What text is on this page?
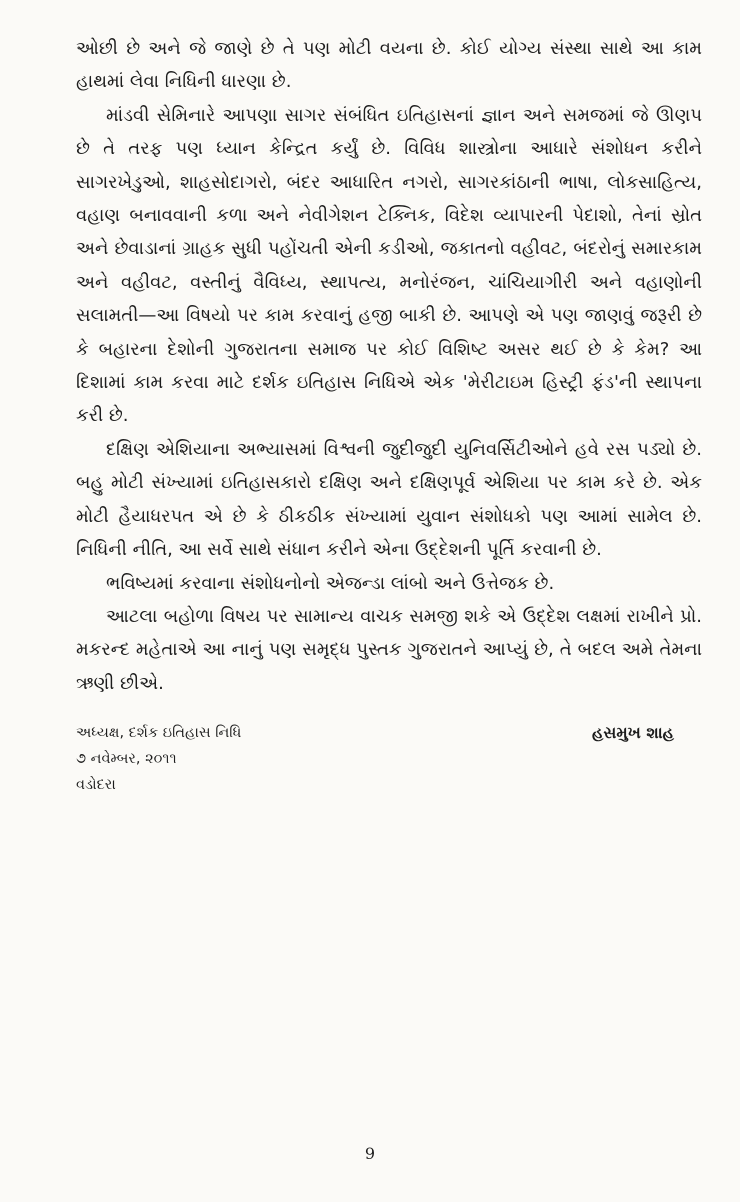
ઓછી છે અને જે જાણે છે તે પણ મોટી વયના છે. કોઈ યોગ્ય સંસ્થા સાથે આ કામ હાથમાં લેવા નિધિની ધારણા છે.

માંડવી સેમિનારે આપણા સાગર સંબંધિત ઇતિહાસનાં જ્ઞાન અને સમજમાં જે ઊણપ છે તે તરફ પણ ધ્યાન કેન્દ્રિત કર્યું છે. વિવિધ શાસ્ત્રોના આધારે સંશોધન કરીને સાગરખેડુઓ, શાહસોદાગરો, બંદર આધારિત નગરો, સાગરકાંઠાની ભાષા, લોકસાહિત્ય, વહાણ બનાવવાની કળા અને નેવીગેશન ટેક્નિક, વિદેશ વ્યાપારની પેદાશો, તેનાં સ્રોત અને છેવાડાનાં ગ્રાહક સુધી પહોંચતી એની કડીઓ, જકાતનો વહીવટ, બંદરોનું સમારકામ અને વહીવટ, વસ્તીનું વૈવિધ્ય, સ્થાપત્ય, મનોરંજન, ચાંચિયાગીરી અને વહાણોની સલામતી—આ વિષયો પર કામ કરવાનું હજી બાકી છે. આપણે એ પણ જાણવું જરૂરી છે કે બહારના દેશોની ગુજરાતના સમાજ પર કોઈ વિશિષ્ટ અસર થઈ છે કે કેમ? આ દિશામાં કામ કરવા માટે દર્શક ઇતિહાસ નિધિએ એક 'મેરીટાઇમ હિસ્ટ્રી ફંડ'ની સ્થાપના કરી છે.

દક્ષિણ એશિયાના અભ્યાસમાં વિશ્વની જુદીજુદી યુનિવર્સિટીઓને હવે રસ પડ્યો છે. બહુ મોટી સંખ્યામાં ઇતિહાસકારો દક્ષિણ અને દક્ષિણપૂર્વ એશિયા પર કામ કરે છે. એક મોટી હૈયાધરપત એ છે કે ઠીકઠીક સંખ્યામાં યુવાન સંશોધકો પણ આમાં સામેલ છે. નિધિની નીતિ, આ સર્વે સાથે સંધાન કરીને એના ઉદ્દેશની પૂર્તિ કરવાની છે.

ભવિષ્યમાં કરવાના સંશોધનોનો એજન્ડા લાંબો અને ઉત્તેજક છે.

આટલા બહોળા વિષય પર સામાન્ય વાચક સમજી શકે એ ઉદ્દેશ લક્ષમાં રાખીને પ્રો. મકરન્દ મહેતાએ આ નાનું પણ સમૃદ્ધ પુસ્તક ગુજરાતને આપ્યું છે, તે બદલ અમે તેમના ઋણી છીએ.

અધ્યક્ષ, દર્શક ઇતિહાસ નિધિ
૭ નવેમ્બર, ૨૦૧૧
વડોદરા
હસમુખ શાહ
9
